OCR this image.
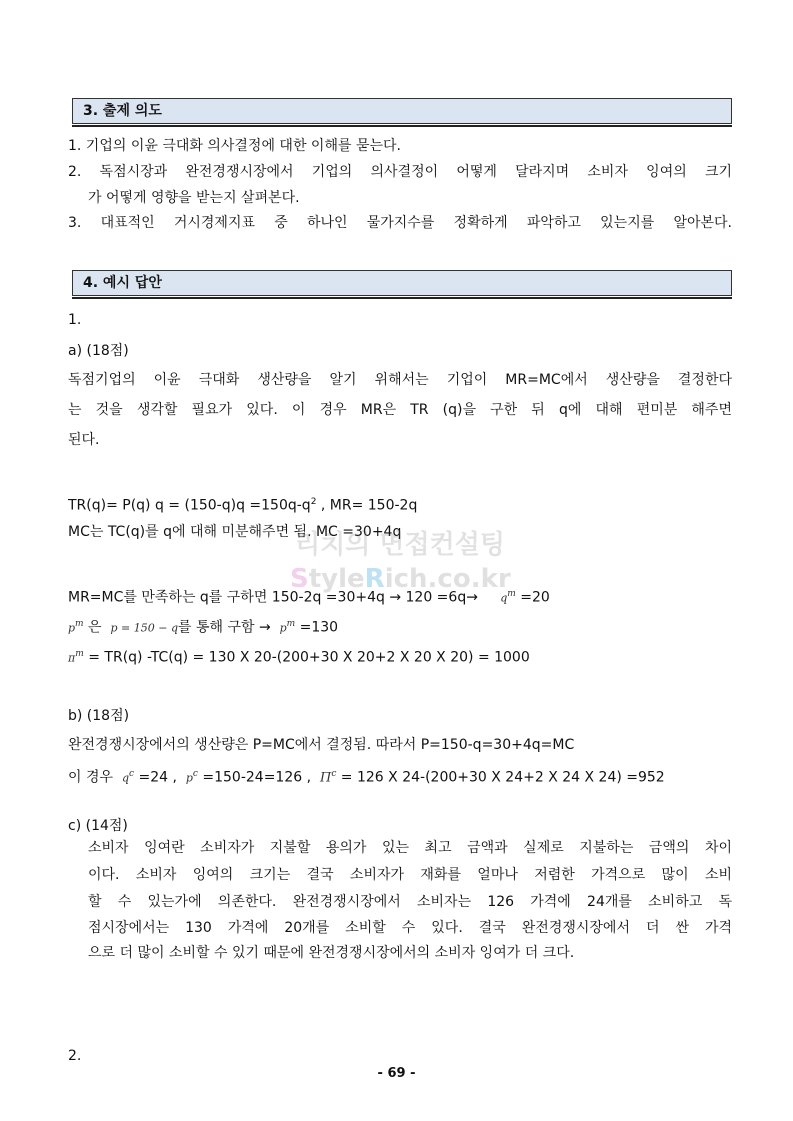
3. 출제 의도
1. 기업의 이윤 극대화 의사결정에 대한 이해를 묻는다.
2. 독점시장과 완전경쟁시장에서 기업의 의사결정이 어떻게 달라지며 소비자 잉여의 크기
가 어떻게 영향을 받는지 살펴본다.
3. 대표적인 거시경제지표 중 하나인 물가지수를 정확하게 파악하고 있는지를 알아본다.
4. 예시 답안
1.
a) (18점)
독점기업의 이윤 극대화 생산량을 알기 위해서는 기업이 MR=MC에서 생산량을 결정한다
는 것을 생각할 필요가 있다. 이 경우 MR은 TR (q)을 구한 뒤 q에 대해 편미분 해주면
된다.
TR(q)= P(q) $q = (150-q)q =150q-q^2$ , MR= 150-2q
MC는 TC(q)를 q에 대해 미분해주면 됨. MC =30+4q
MR=MC를 만족하는 q를 구하면 $150-2q =30+4q \to 120 =6q\to q^m =20$
$p^m$ 은 p = 150 − q를 통해 구함 → $p^m =130$
$\pi^m = TR(q) -TC(q) = 130$ X 20-(200+30 X 20+2 X 20 X 20) = 1000
b) (18점)
완전경쟁시장에서의 생산량은 P=MC에서 결정됨. 따라서 P=150-q=30+4q=MC
이 경우 $q^c =24$ , $p^c =150-24=126$ , $\Pi^c = 126$ X 24-(200+30 X 24+2 X 24 X 24) =952
c) (14점)
소비자 잉여란 소비자가 지불할 용의가 있는 최고 금액과 실제로 지불하는 금액의 차이
이다. 소비자 잉여의 크기는 결국 소비자가 재화를 얼마나 저렴한 가격으로 많이 소비
할 수 있는가에 의존한다. 완전경쟁시장에서 소비자는 126 가격에 24개를 소비하고 독
점시장에서는 130 가격에 20개를 소비할 수 있다. 결국 완전경쟁시장에서 더 싼 가격
으로 더 많이 소비할 수 있기 때문에 완전경쟁시장에서의 소비자 잉여가 더 크다.
2.
리치의 면접컨설팅
StyleRich.co.kr
- 69 -
